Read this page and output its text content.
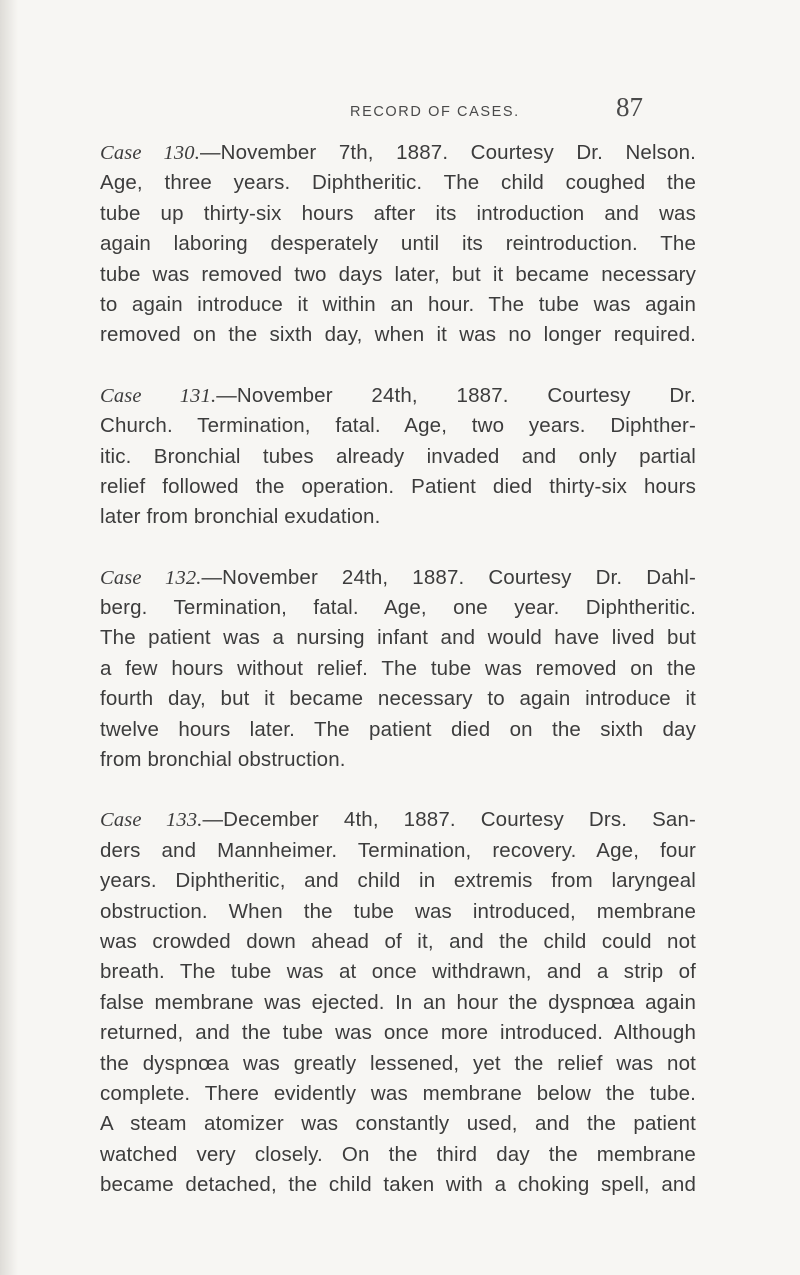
RECORD OF CASES.	87
Case 130.—November 7th, 1887. Courtesy Dr. Nelson.
Age, three years. Diphtheritic. The child coughed the
tube up thirty-six hours after its introduction and was
again laboring desperately until its reintroduction. The
tube was removed two days later, but it became necessary
to again introduce it within an hour. The tube was again
removed on the sixth day, when it was no longer required.
Case 131.—November 24th, 1887. Courtesy Dr.
Church. Termination, fatal. Age, two years. Diphther-
itic. Bronchial tubes already invaded and only partial
relief followed the operation. Patient died thirty-six hours
later from bronchial exudation.
Case 132.—November 24th, 1887. Courtesy Dr. Dahl-
berg. Termination, fatal. Age, one year. Diphtheritic.
The patient was a nursing infant and would have lived but
a few hours without relief. The tube was removed on the
fourth day, but it became necessary to again introduce it
twelve hours later. The patient died on the sixth day
from bronchial obstruction.
Case 133.—December 4th, 1887. Courtesy Drs. San-
ders and Mannheimer. Termination, recovery. Age, four
years. Diphtheritic, and child in extremis from laryngeal
obstruction. When the tube was introduced, membrane
was crowded down ahead of it, and the child could not
breath. The tube was at once withdrawn, and a strip of
false membrane was ejected. In an hour the dyspnœa again
returned, and the tube was once more introduced. Although
the dyspnœa was greatly lessened, yet the relief was not
complete. There evidently was membrane below the tube.
A steam atomizer was constantly used, and the patient
watched very closely. On the third day the membrane
became detached, the child taken with a choking spell, and
